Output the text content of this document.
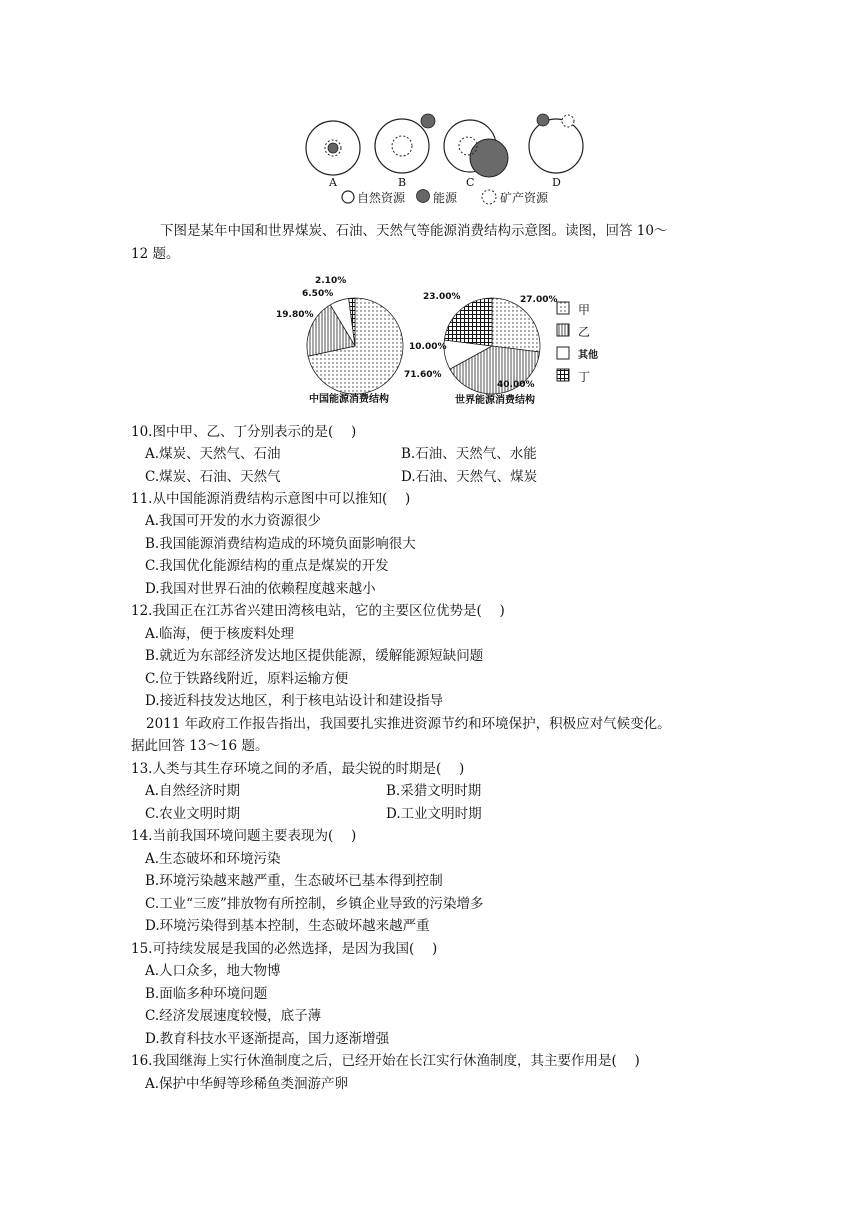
A	B	C	D
自然资源 能源	矿产资源
下图是某年中国和世界煤炭、石油、天然气等能源消费结构示意图。读图，回答 10～
12 题。
2.10%
6.50%
19.80%
71.60%
23.00%	27.00%
10.00%
40.00%
中国能源消费结构	世界能源消费结构
甲
乙
其他
丁
10.图中甲、乙、丁分别表示的是(　 )
A.煤炭、天然气、石油	B.石油、天然气、水能
C.煤炭、石油、天然气	D.石油、天然气、煤炭
11.从中国能源消费结构示意图中可以推知(　 )
A.我国可开发的水力资源很少
B.我国能源消费结构造成的环境负面影响很大
C.我国优化能源结构的重点是煤炭的开发
D.我国对世界石油的依赖程度越来越小
12.我国正在江苏省兴建田湾核电站，它的主要区位优势是(　 )
A.临海，便于核废料处理
B.就近为东部经济发达地区提供能源，缓解能源短缺问题
C.位于铁路线附近，原料运输方便
D.接近科技发达地区，利于核电站设计和建设指导
2011 年政府工作报告指出，我国要扎实推进资源节约和环境保护，积极应对气候变化。
据此回答 13～16 题。
13.人类与其生存环境之间的矛盾，最尖锐的时期是(　 )
A.自然经济时期	B.采猎文明时期
C.农业文明时期	D.工业文明时期
14.当前我国环境问题主要表现为(　 )
A.生态破坏和环境污染
B.环境污染越来越严重，生态破坏已基本得到控制
C.工业“三废”排放物有所控制，乡镇企业导致的污染增多
D.环境污染得到基本控制，生态破坏越来越严重
15.可持续发展是我国的必然选择，是因为我国(　 )
A.人口众多，地大物博
B.面临多种环境问题
C.经济发展速度较慢，底子薄
D.教育科技水平逐渐提高，国力逐渐增强
16.我国继海上实行休渔制度之后，已经开始在长江实行休渔制度，其主要作用是(　 )
A.保护中华鲟等珍稀鱼类洄游产卵
